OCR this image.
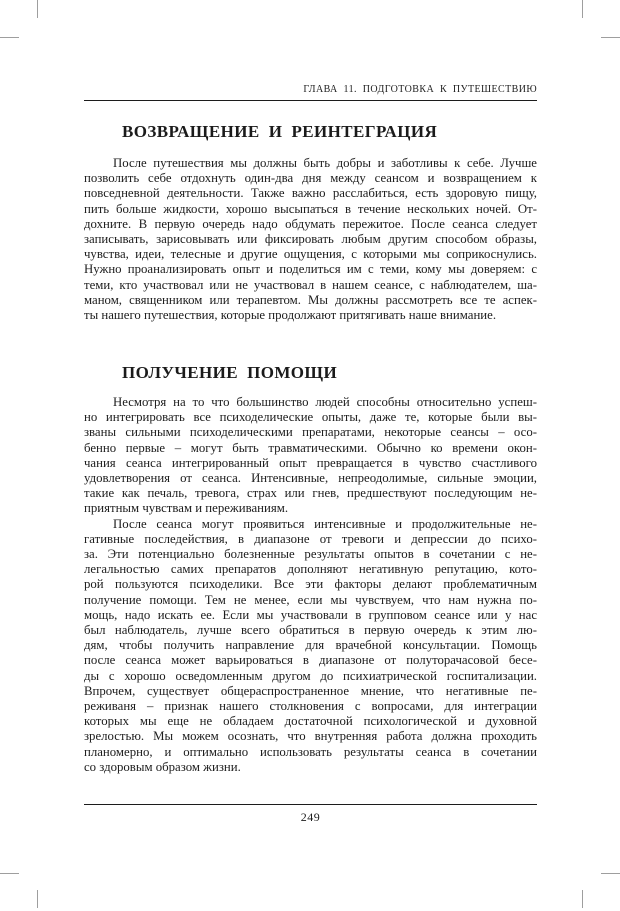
ГЛАВА 11. ПОДГОТОВКА К ПУТЕШЕСТВИЮ
ВОЗВРАЩЕНИЕ И РЕИНТЕГРАЦИЯ
После путешествия мы должны быть добры и заботливы к себе. Лучше
позволить себе отдохнуть один-два дня между сеансом и возвращением к
повседневной деятельности. Также важно расслабиться, есть здоровую пищу,
пить больше жидкости, хорошо высыпаться в течение нескольких ночей. От-
дохните. В первую очередь надо обдумать пережитое. После сеанса следует
записывать, зарисовывать или фиксировать любым другим способом образы,
чувства, идеи, телесные и другие ощущения, с которыми мы соприкоснулись.
Нужно проанализировать опыт и поделиться им с теми, кому мы доверяем: с
теми, кто участвовал или не участвовал в нашем сеансе, с наблюдателем, ша-
маном, священником или терапевтом. Мы должны рассмотреть все те аспек-
ты нашего путешествия, которые продолжают притягивать наше внимание.
ПОЛУЧЕНИЕ ПОМОЩИ
Несмотря на то что большинство людей способны относительно успеш-
но интегрировать все психоделические опыты, даже те, которые были вы-
званы сильными психоделическими препаратами, некоторые сеансы – осо-
бенно первые – могут быть травматическими. Обычно ко времени окон-
чания сеанса интегрированный опыт превращается в чувство счастливого
удовлетворения от сеанса. Интенсивные, непреодолимые, сильные эмоции,
такие как печаль, тревога, страх или гнев, предшествуют последующим не-
приятным чувствам и переживаниям.
После сеанса могут проявиться интенсивные и продолжительные не-
гативные последействия, в диапазоне от тревоги и депрессии до психо-
за. Эти потенциально болезненные результаты опытов в сочетании с не-
легальностью самих препаратов дополняют негативную репутацию, кото-
рой пользуются психоделики. Все эти факторы делают проблематичным
получение помощи. Тем не менее, если мы чувствуем, что нам нужна по-
мощь, надо искать ее. Если мы участвовали в групповом сеансе или у нас
был наблюдатель, лучше всего обратиться в первую очередь к этим лю-
дям, чтобы получить направление для врачебной консультации. Помощь
после сеанса может варьироваться в диапазоне от полуторачасовой бесе-
ды с хорошо осведомленным другом до психиатрической госпитализации.
Впрочем, существует общераспространенное мнение, что негативные пе-
реживаня – признак нашего столкновения с вопросами, для интеграции
которых мы еще не обладаем достаточной психологической и духовной
зрелостью. Мы можем осознать, что внутренняя работа должна проходить
планомерно, и оптимально использовать результаты сеанса в сочетании
со здоровым образом жизни.
249
